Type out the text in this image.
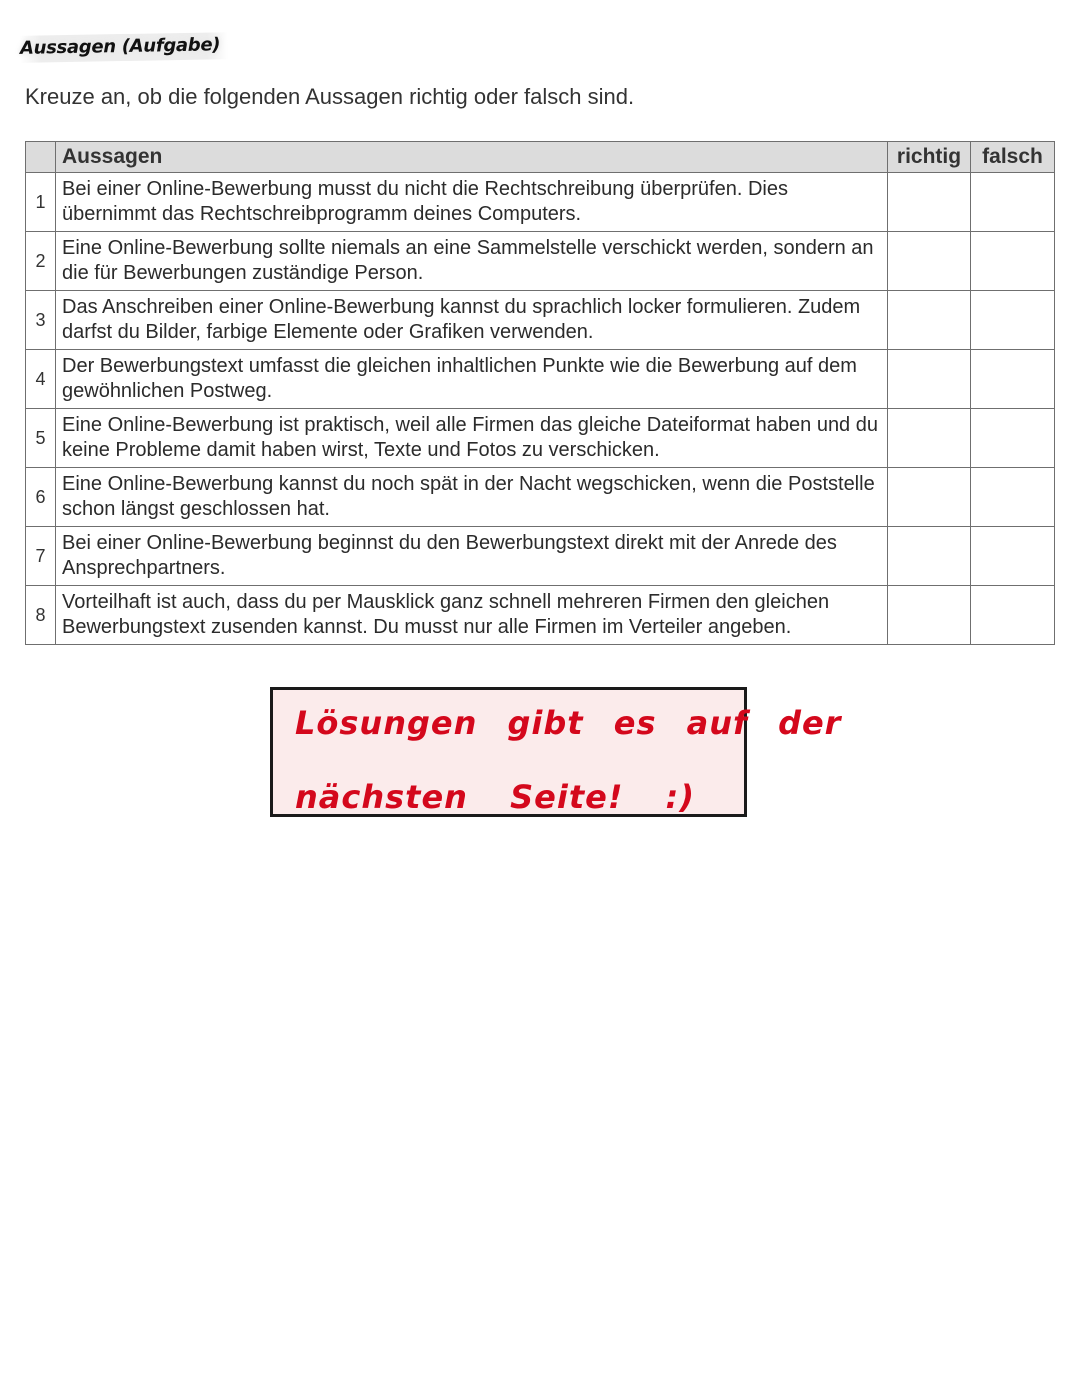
Aussagen (Aufgabe)
Kreuze an, ob die folgenden Aussagen richtig oder falsch sind.
	Aussagen	richtig	falsch
1	Bei einer Online-Bewerbung musst du nicht die Rechtschreibung überprüfen. Dies übernimmt das Rechtschreibprogramm deines Computers.		
2	Eine Online-Bewerbung sollte niemals an eine Sammelstelle verschickt werden, sondern an die für Bewerbungen zuständige Person.		
3	Das Anschreiben einer Online-Bewerbung kannst du sprachlich locker formulieren. Zudem darfst du Bilder, farbige Elemente oder Grafiken verwenden.		
4	Der Bewerbungstext umfasst die gleichen inhaltlichen Punkte wie die Bewerbung auf dem gewöhnlichen Postweg.		
5	Eine Online-Bewerbung ist praktisch, weil alle Firmen das gleiche Dateiformat haben und du keine Probleme damit haben wirst, Texte und Fotos zu verschicken.		
6	Eine Online-Bewerbung kannst du noch spät in der Nacht wegschicken, wenn die Poststelle schon längst geschlossen hat.		
7	Bei einer Online-Bewerbung beginnst du den Bewerbungstext direkt mit der Anrede des Ansprechpartners.		
8	Vorteilhaft ist auch, dass du per Mausklick ganz schnell mehreren Firmen den gleichen Bewerbungstext zusenden kannst. Du musst nur alle Firmen im Verteiler angeben.		
Lösungen gibt es auf der
nächsten Seite! :)
